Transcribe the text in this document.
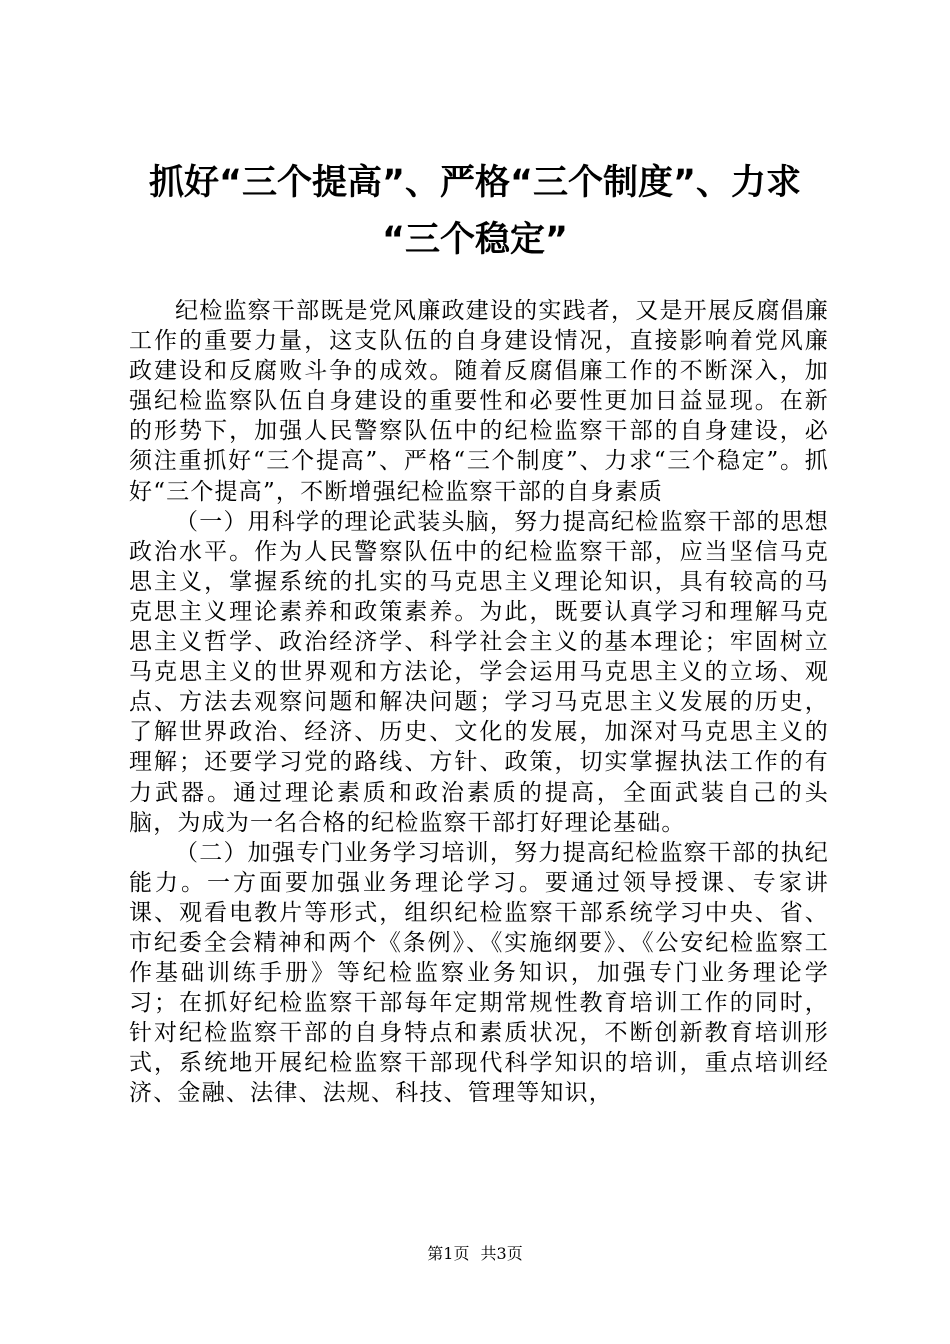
抓好“三个提高”、严格“三个制度”、力求
“三个稳定”

纪检监察干部既是党风廉政建设的实践者，又是开展反腐倡廉工作的重要力量，这支队伍的自身建设情况，直接影响着党风廉政建设和反腐败斗争的成效。随着反腐倡廉工作的不断深入，加强纪检监察队伍自身建设的重要性和必要性更加日益显现。在新的形势下，加强人民警察队伍中的纪检监察干部的自身建设，必须注重抓好“三个提高”、严格“三个制度”、力求“三个稳定”。抓好“三个提高”，不断增强纪检监察干部的自身素质

（一）用科学的理论武装头脑，努力提高纪检监察干部的思想政治水平。作为人民警察队伍中的纪检监察干部，应当坚信马克思主义，掌握系统的扎实的马克思主义理论知识，具有较高的马克思主义理论素养和政策素养。为此，既要认真学习和理解马克思主义哲学、政治经济学、科学社会主义的基本理论；牢固树立马克思主义的世界观和方法论，学会运用马克思主义的立场、观点、方法去观察问题和解决问题；学习马克思主义发展的历史，了解世界政治、经济、历史、文化的发展，加深对马克思主义的理解；还要学习党的路线、方针、政策，切实掌握执法工作的有力武器。通过理论素质和政治素质的提高，全面武装自己的头脑，为成为一名合格的纪检监察干部打好理论基础。

（二）加强专门业务学习培训，努力提高纪检监察干部的执纪能力。一方面要加强业务理论学习。要通过领导授课、专家讲课、观看电教片等形式，组织纪检监察干部系统学习中央、省、市纪委全会精神和两个《条例》、《实施纲要》、《公安纪检监察工作基础训练手册》等纪检监察业务知识，加强专门业务理论学习；在抓好纪检监察干部每年定期常规性教育培训工作的同时，针对纪检监察干部的自身特点和素质状况，不断创新教育培训形式，系统地开展纪检监察干部现代科学知识的培训，重点培训经济、金融、法律、法规、科技、管理等知识，

第1页 共3页
